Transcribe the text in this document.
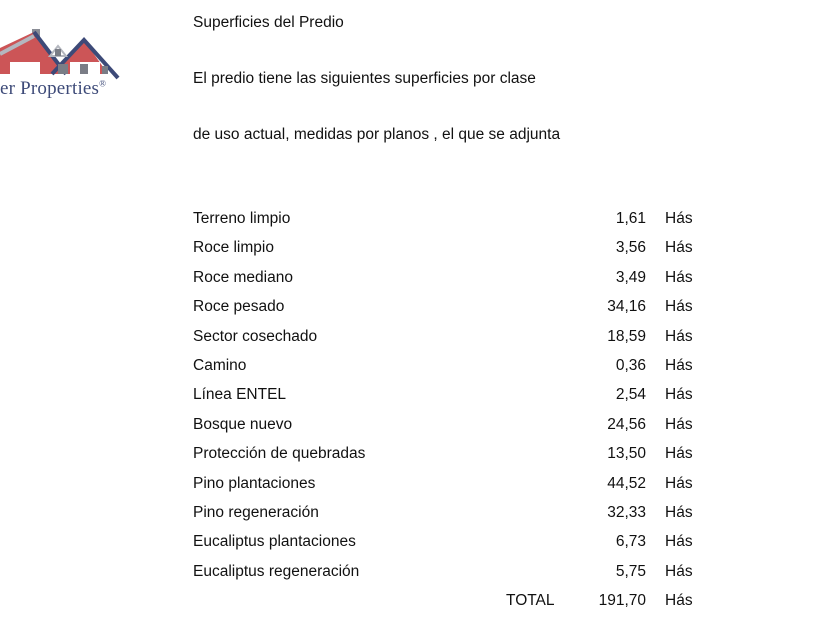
er Properties®
Superficies del Predio
El predio tiene las siguientes superficies por clase
de uso actual, medidas por planos , el que se adjunta
Terreno limpio	1,61 Hás
Roce limpio	3,56 Hás
Roce mediano	3,49 Hás
Roce pesado	34,16 Hás
Sector cosechado	18,59 Hás
Camino	0,36 Hás
Línea ENTEL	2,54 Hás
Bosque nuevo	24,56 Hás
Protección de quebradas	13,50 Hás
Pino plantaciones	44,52 Hás
Pino regeneración	32,33 Hás
Eucaliptus plantaciones	6,73 Hás
Eucaliptus regeneración	5,75 Hás
TOTAL	191,70 Hás
